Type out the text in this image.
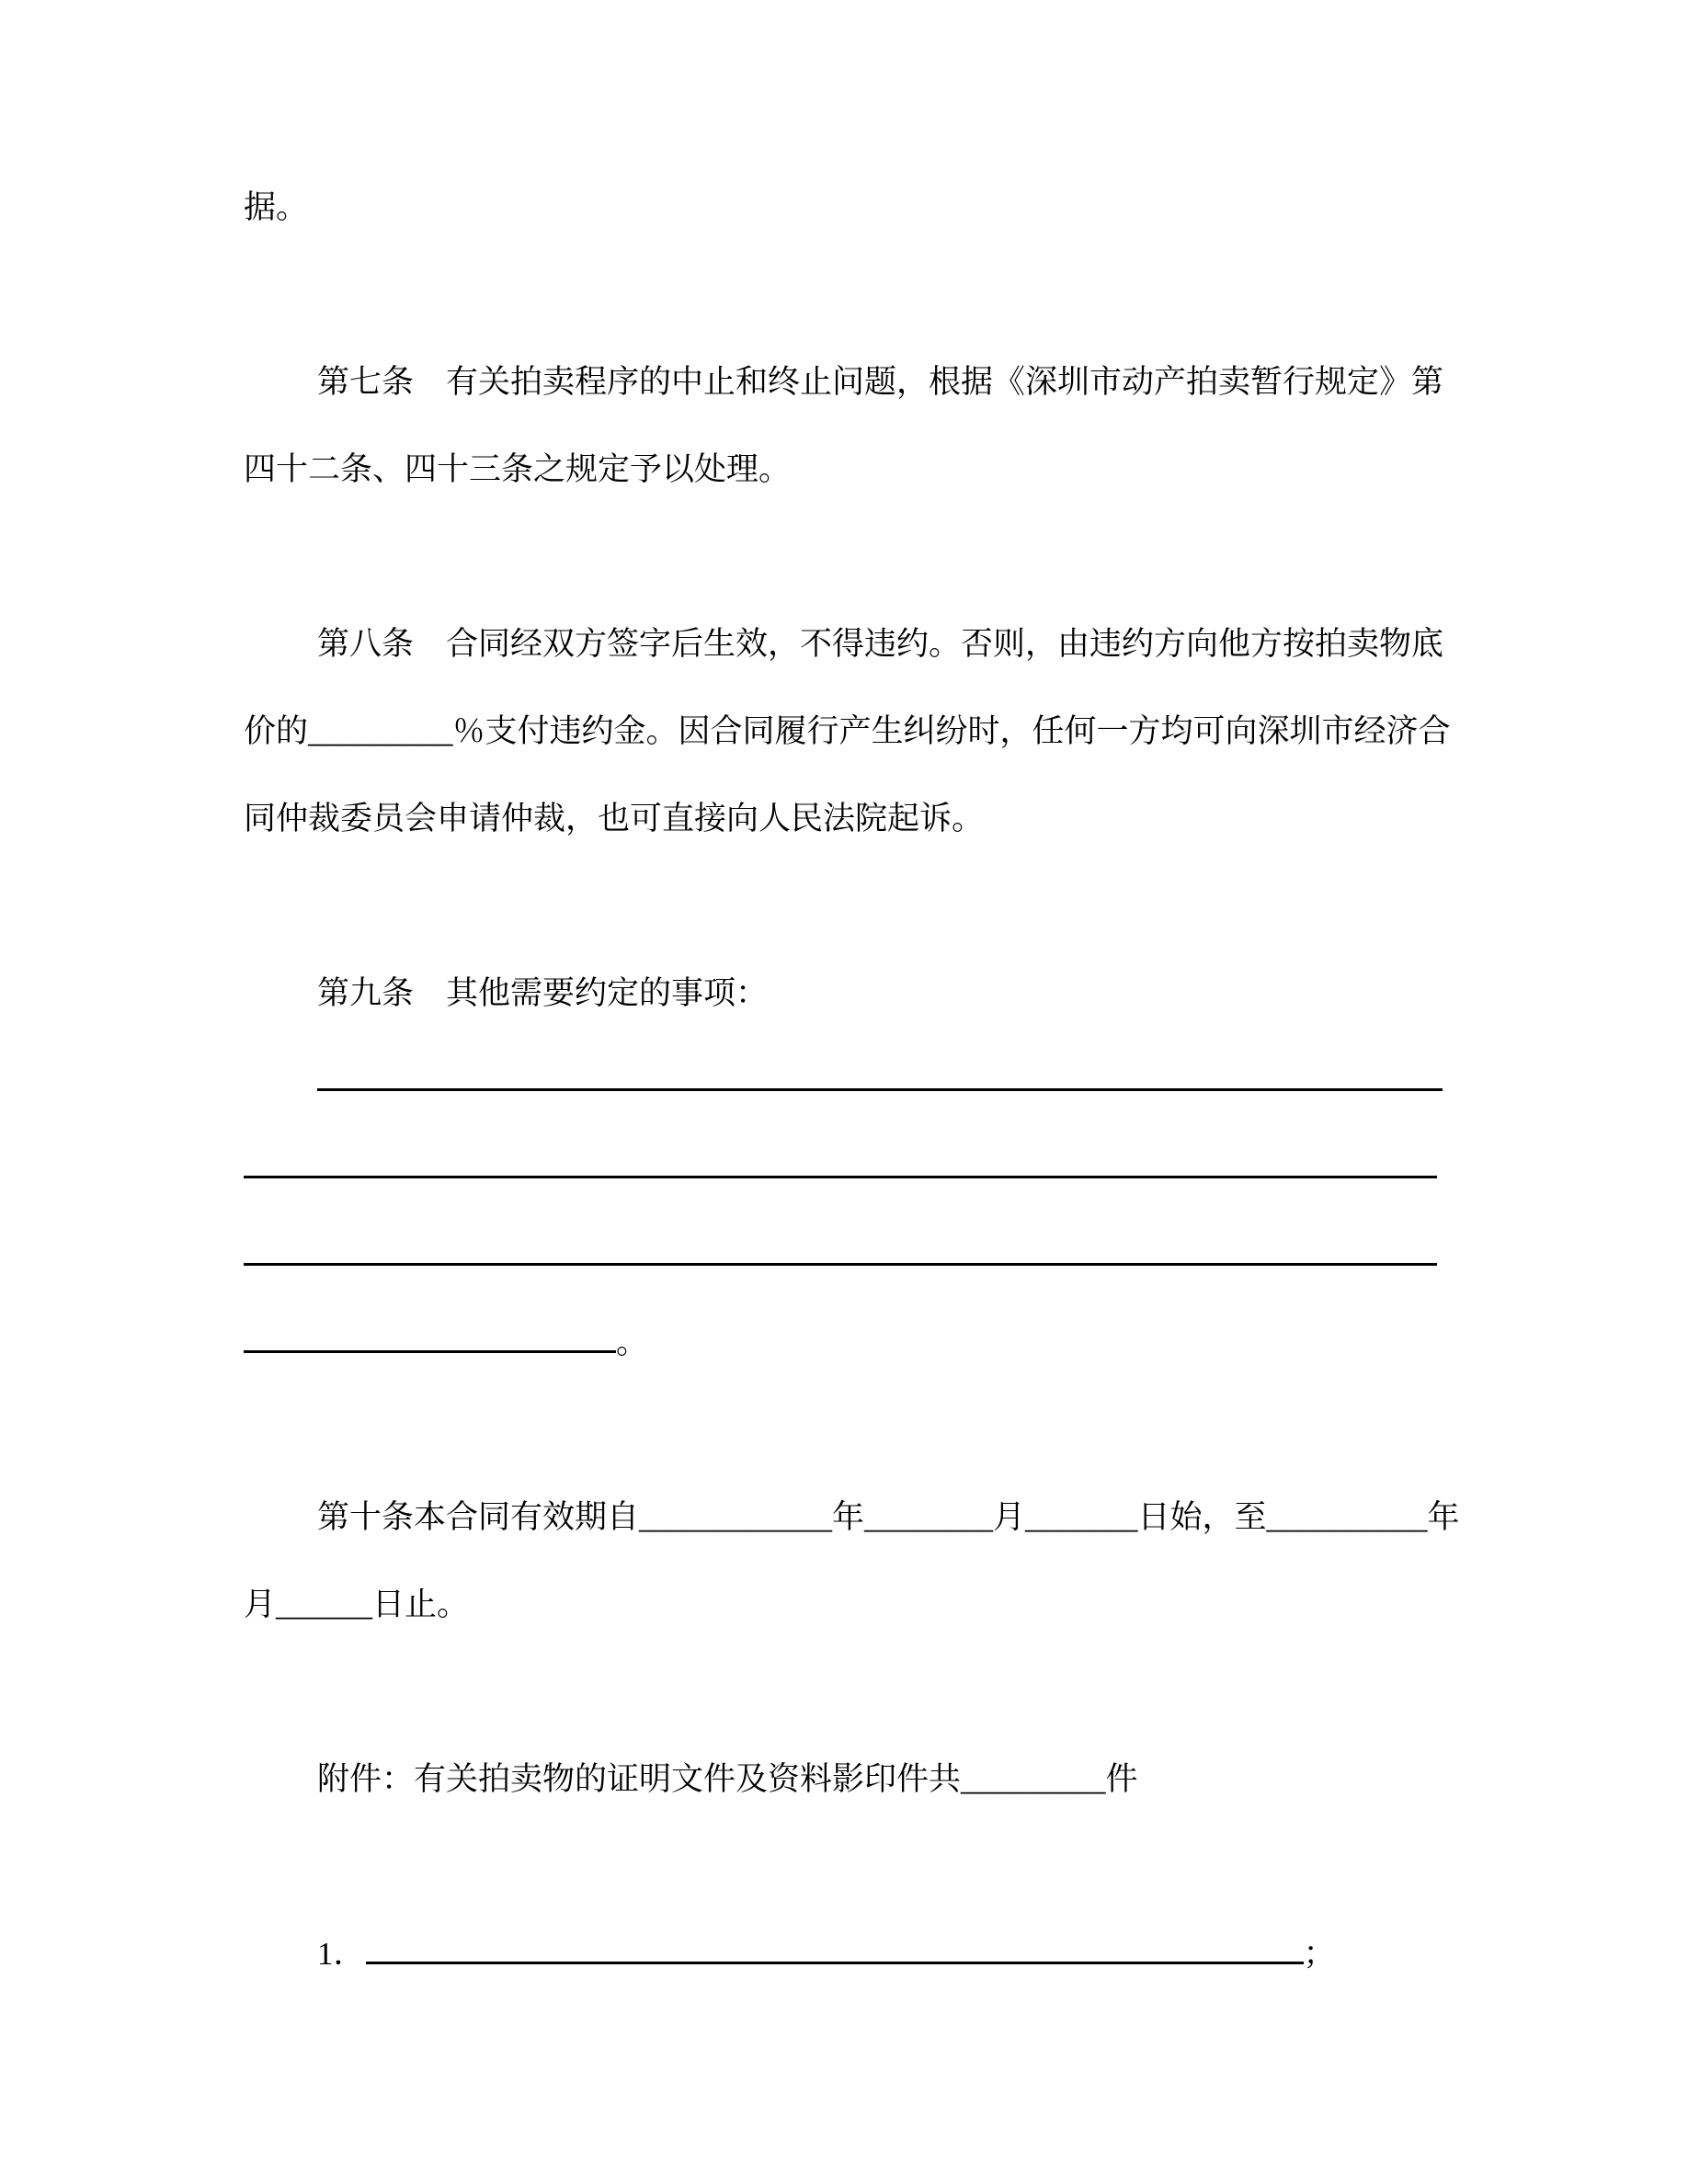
据。
第七条　有关拍卖程序的中止和终止问题，根据《深圳市动产拍卖暂行规定》第
四十二条、四十三条之规定予以处理。
第八条　合同经双方签字后生效，不得违约。否则，由违约方向他方按拍卖物底
价的_________％支付违约金。因合同履行产生纠纷时，任何一方均可向深圳市经济合
同仲裁委员会申请仲裁，也可直接向人民法院起诉。
第九条　其他需要约定的事项：
。
第十条本合同有效期自____________年________月_______日始，至__________年
月______日止。
附件：有关拍卖物的证明文件及资料影印件共_________件
1．	；
